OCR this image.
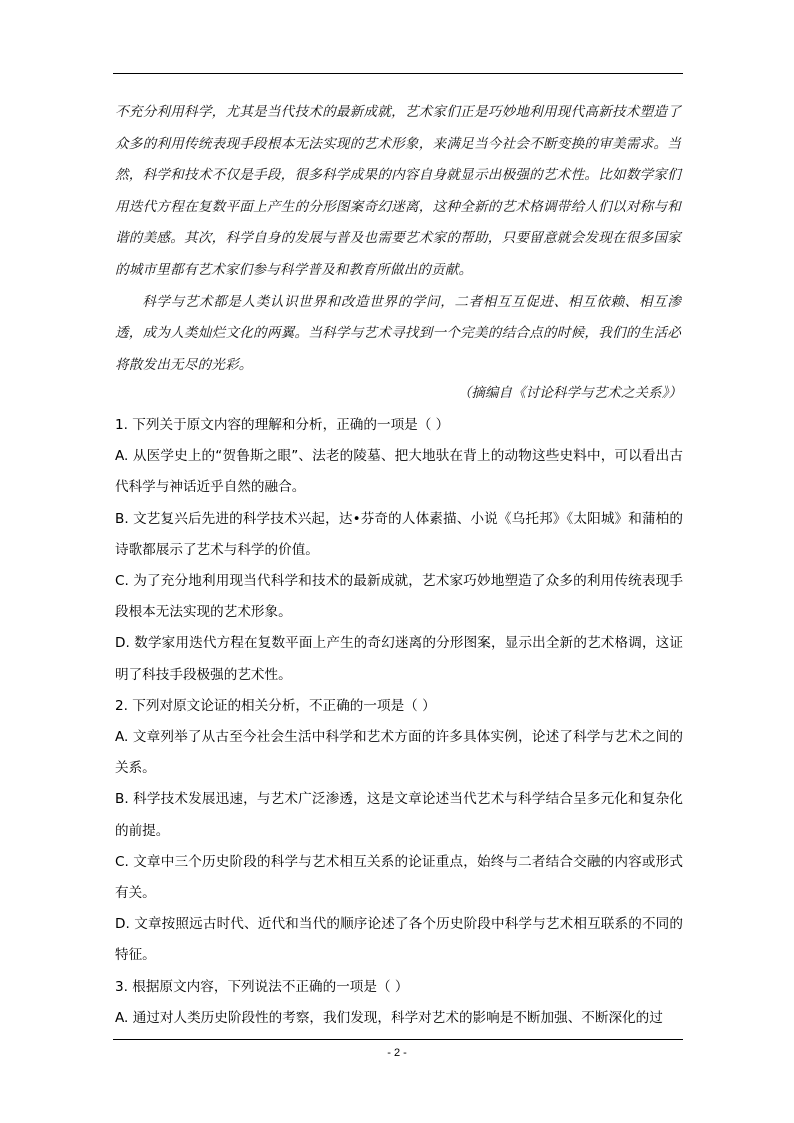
不充分利用科学，尤其是当代技术的最新成就，艺术家们正是巧妙地利用现代高新技术塑造了众多的利用传统表现手段根本无法实现的艺术形象，来满足当今社会不断变换的审美需求。当然，科学和技术不仅是手段，很多科学成果的内容自身就显示出极强的艺术性。比如数学家们用迭代方程在复数平面上产生的分形图案奇幻迷离，这种全新的艺术格调带给人们以对称与和谐的美感。其次，科学自身的发展与普及也需要艺术家的帮助，只要留意就会发现在很多国家的城市里都有艺术家们参与科学普及和教育所做出的贡献。

科学与艺术都是人类认识世界和改造世界的学问，二者相互互促进、相互依赖、相互渗透，成为人类灿烂文化的两翼。当科学与艺术寻找到一个完美的结合点的时候，我们的生活必将散发出无尽的光彩。

（摘编自《讨论科学与艺术之关系》）

1. 下列关于原文内容的理解和分析，正确的一项是（ ）

A. 从医学史上的“贺鲁斯之眼”、法老的陵墓、把大地驮在背上的动物这些史料中，可以看出古代科学与神话近乎自然的融合。

B. 文艺复兴后先进的科学技术兴起，达•芬奇的人体素描、小说《乌托邦》《太阳城》和蒲柏的诗歌都展示了艺术与科学的价值。

C. 为了充分地利用现当代科学和技术的最新成就，艺术家巧妙地塑造了众多的利用传统表现手段根本无法实现的艺术形象。

D. 数学家用迭代方程在复数平面上产生的奇幻迷离的分形图案，显示出全新的艺术格调，这证明了科技手段极强的艺术性。

2. 下列对原文论证的相关分析，不正确的一项是（ ）

A. 文章列举了从古至今社会生活中科学和艺术方面的许多具体实例，论述了科学与艺术之间的关系。

B. 科学技术发展迅速，与艺术广泛渗透，这是文章论述当代艺术与科学结合呈多元化和复杂化的前提。

C. 文章中三个历史阶段的科学与艺术相互关系的论证重点，始终与二者结合交融的内容或形式有关。

D. 文章按照远古时代、近代和当代的顺序论述了各个历史阶段中科学与艺术相互联系的不同的特征。

3. 根据原文内容，下列说法不正确的一项是（ ）

A. 通过对人类历史阶段性的考察，我们发现，科学对艺术的影响是不断加强、不断深化的过

- 2 -
